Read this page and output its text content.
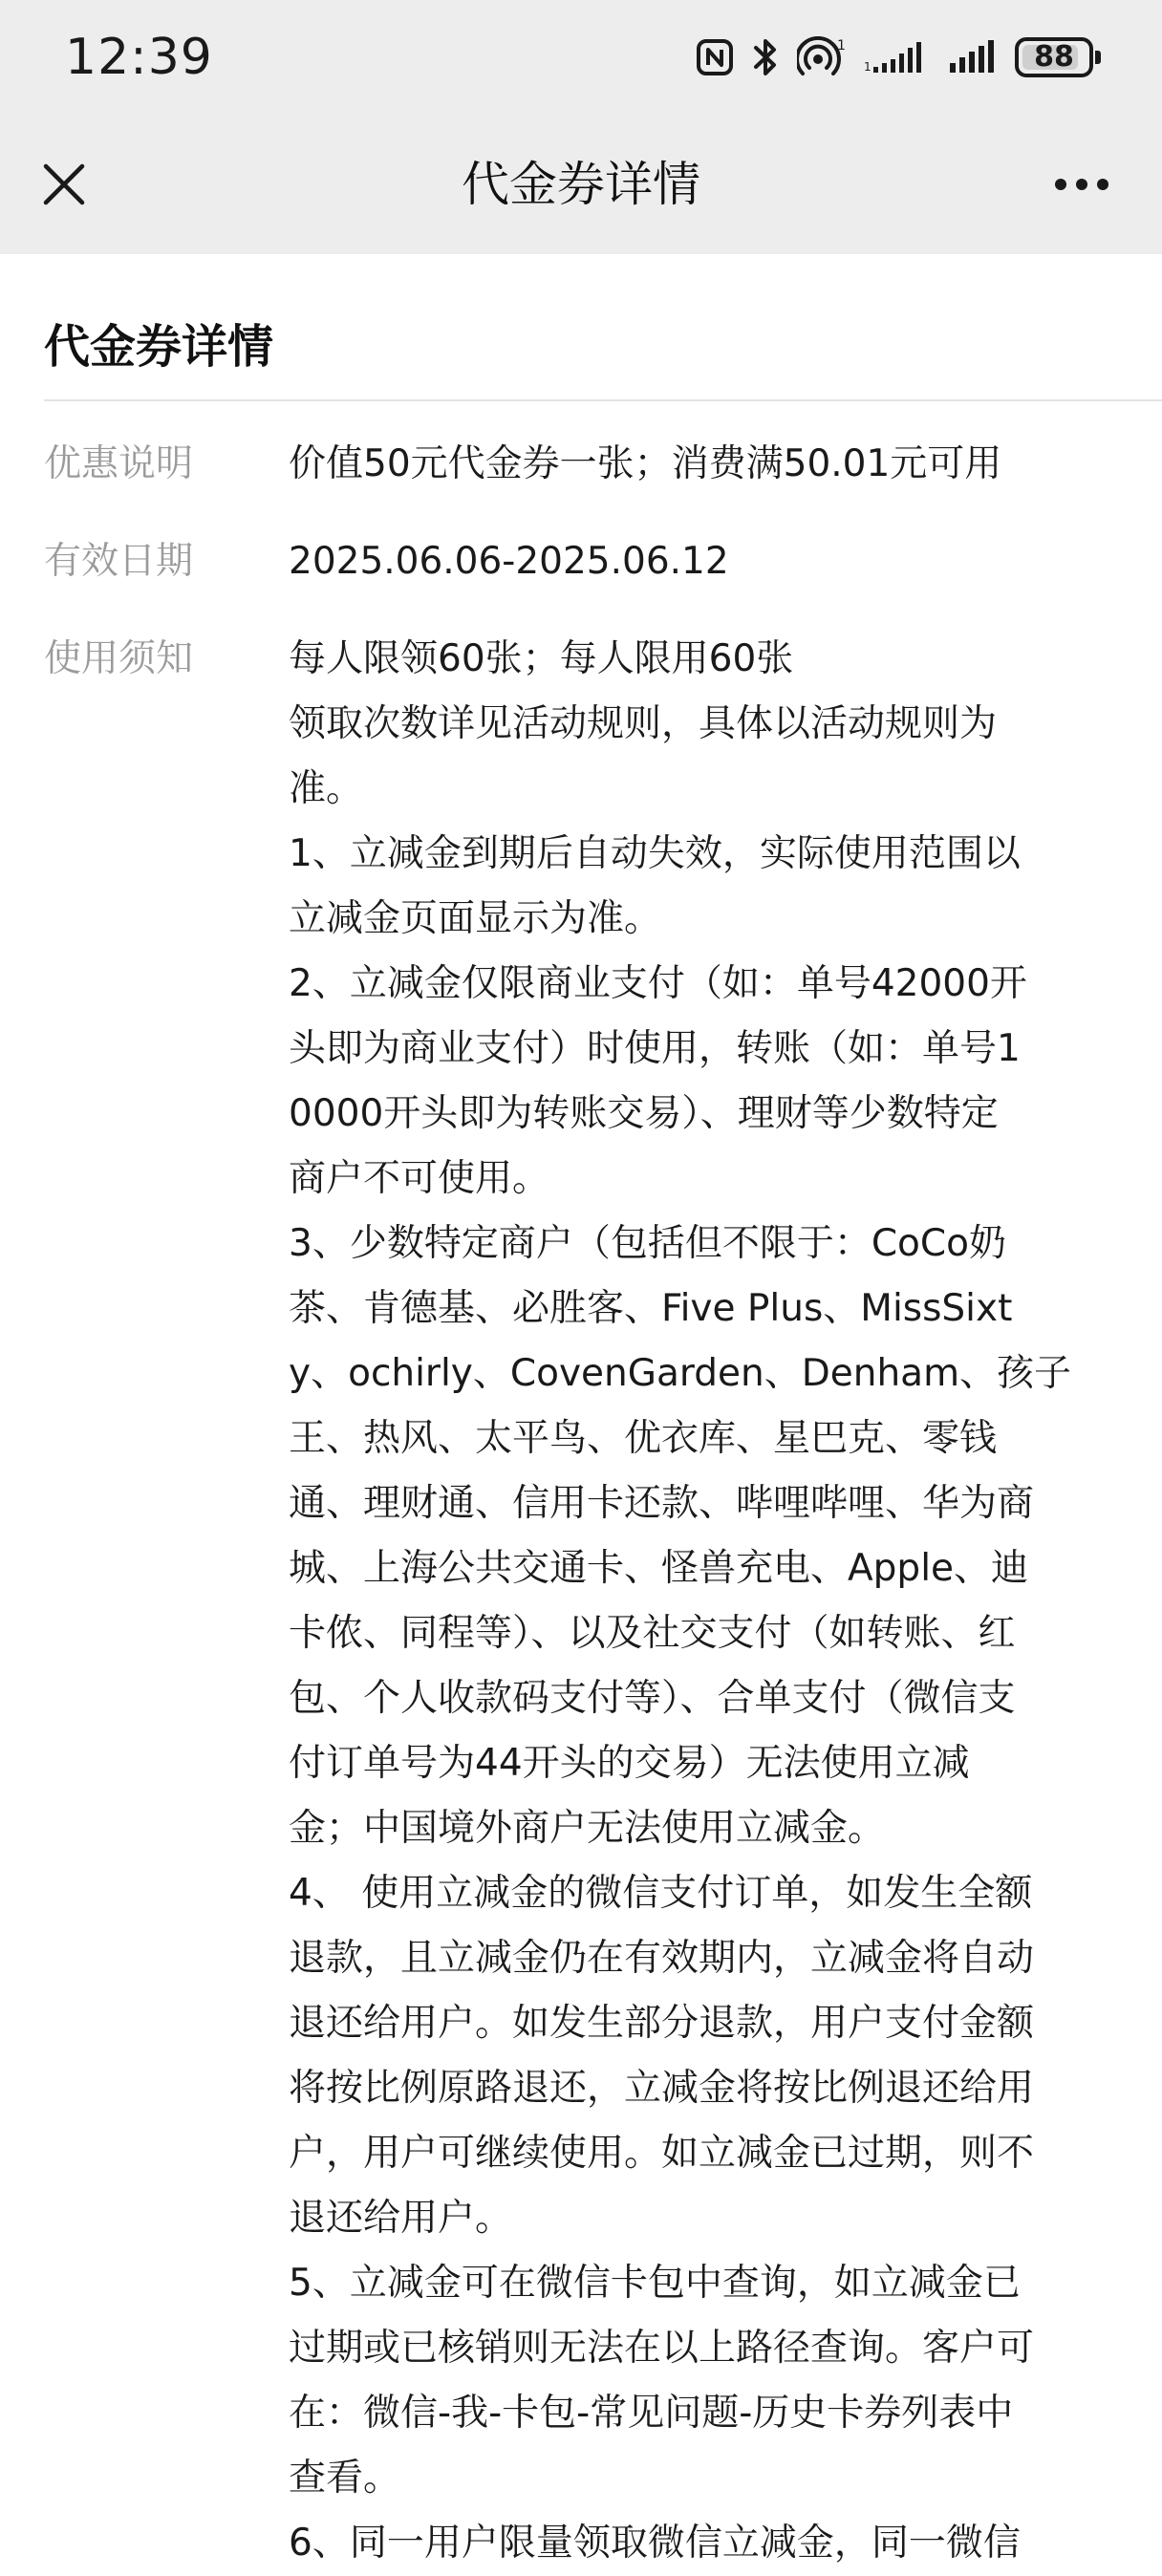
12:39	1
1	88
代金券详情
代金券详情
优惠说明	价值50元代金券一张；消费满50.01元可用
有效日期	2025.06.06-2025.06.12
使用须知	每人限领60张；每人限用60张
领取次数详见活动规则，具体以活动规则为
准。
1、立减金到期后自动失效，实际使用范围以
立减金页面显示为准。
2、立减金仅限商业支付（如：单号42000开
头即为商业支付）时使用，转账（如：单号1
0000开头即为转账交易）、理财等少数特定
商户不可使用。
3、少数特定商户（包括但不限于：CoCo奶
茶、肯德基、必胜客、Five Plus、MissSixt
y、ochirly、CovenGarden、Denham、孩子
王、热风、太平鸟、优衣库、星巴克、零钱
通、理财通、信用卡还款、哔哩哔哩、华为商
城、上海公共交通卡、怪兽充电、Apple、迪
卡侬、同程等）、以及社交支付（如转账、红
包、个人收款码支付等）、合单支付（微信支
付订单号为44开头的交易）无法使用立减
金；中国境外商户无法使用立减金。
4、 使用立减金的微信支付订单，如发生全额
退款，且立减金仍在有效期内，立减金将自动
退还给用户。如发生部分退款，用户支付金额
将按比例原路退还，立减金将按比例退还给用
户，用户可继续使用。如立减金已过期，则不
退还给用户。
5、立减金可在微信卡包中查询，如立减金已
过期或已核销则无法在以上路径查询。客户可
在：微信-我-卡包-常见问题-历史卡券列表中
查看。
6、同一用户限量领取微信立减金，同一微信
